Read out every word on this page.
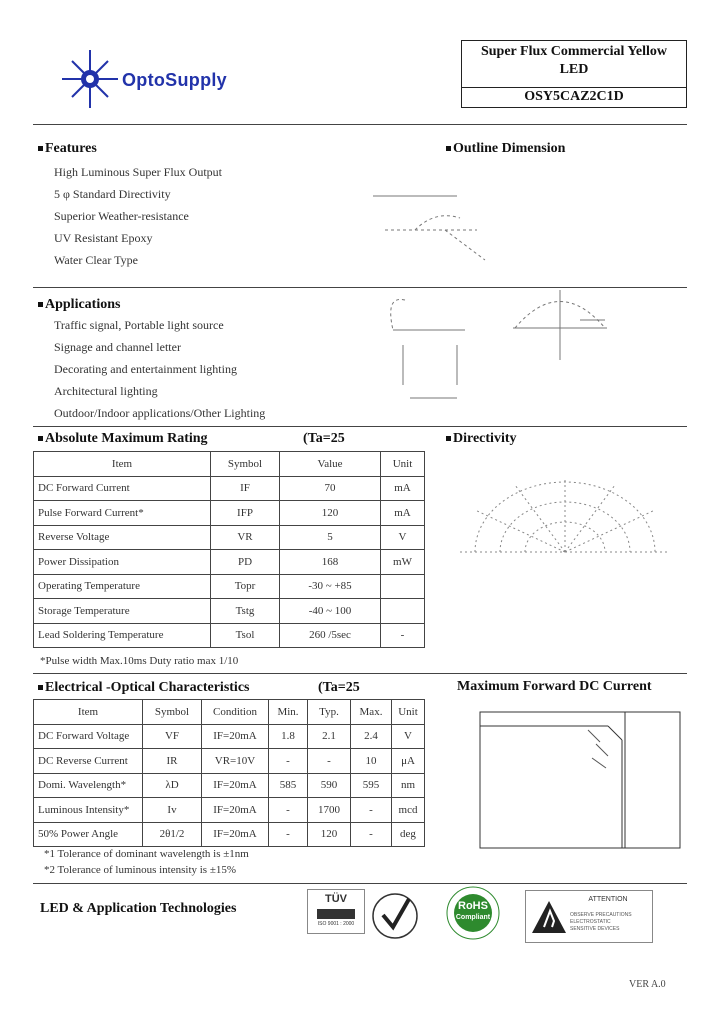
OptoSupply
Super Flux Commercial Yellow
LED
OSY5CAZ2C1D
Features
High Luminous Super Flux Output
5 φ Standard Directivity
Superior Weather-resistance
UV Resistant Epoxy
Water Clear Type
Outline Dimension
Applications
Traffic signal, Portable light source
Signage and channel letter
Decorating and entertainment lighting
Architectural lighting
Outdoor/Indoor applications/Other Lighting
Absolute Maximum Rating	(Ta=25
Item	Symbol	Value	Unit
DC Forward Current	IF	70	mA
Pulse Forward Current*	IFP	120	mA
Reverse Voltage	VR	5	V
Power Dissipation	PD	168	mW
Operating Temperature	Topr	-30 ~ +85	
Storage Temperature	Tstg	-40 ~ 100	
Lead Soldering Temperature	Tsol	260 /5sec	-
*Pulse width Max.10ms Duty ratio max 1/10
Directivity
Electrical -Optical Characteristics	(Ta=25
Item	Symbol	Condition	Min.	Typ.	Max.	Unit
DC Forward Voltage	VF	IF=20mA	1.8	2.1	2.4	V
DC Reverse Current	IR	VR=10V	-	-	10	μA
Domi. Wavelength*	λD	IF=20mA	585	590	595	nm
Luminous Intensity*	Iv	IF=20mA	-	1700	-	mcd
50% Power Angle	2θ1/2	IF=20mA	-	120	-	deg
*1 Tolerance of dominant wavelength is ±1nm
*2 Tolerance of luminous intensity is ±15%
Maximum Forward DC Current
LED & Application Technologies
TÜV
ISO 9001 : 2000
RoHS
Compliant
ATTENTION
OBSERVE PRECAUTIONS
ELECTROSTATIC
SENSITIVE DEVICES
VER A.0
